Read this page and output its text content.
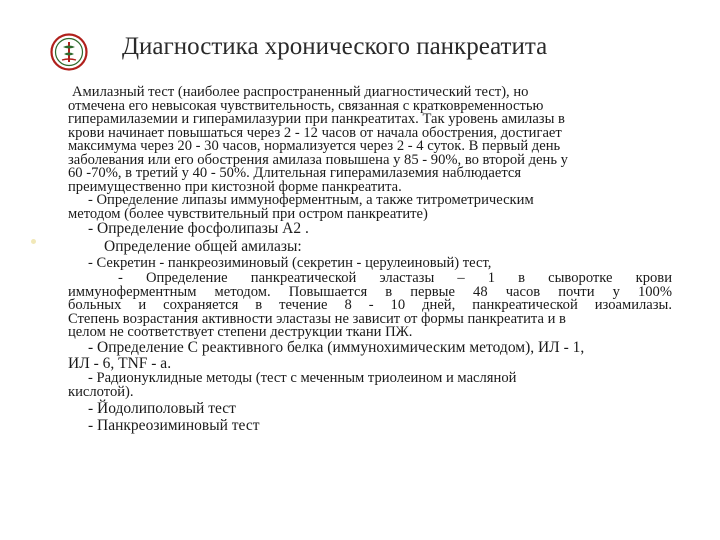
Диагностика хронического панкреатита
Амилазный тест (наиболее распространенный диагностический тест), но
отмечена его невысокая чувствительность, связанная с кратковременностью
гиперамилаземии и гиперамилазурии при панкреатитах. Так уровень амилазы в
крови начинает повышаться через 2 - 12 часов от начала обострения, достигает
максимума через 20 - 30 часов, нормализуется через 2 - 4 суток. В первый день
заболевания или его обострения амилаза повышена у 85 - 90%, во второй день у
60 -70%, в третий у 40 - 50%. Длительная гиперамилаземия наблюдается
преимущественно при кистозной форме панкреатита.
- Определение липазы иммуноферментным, а также титрометрическим
методом (более чувствительный при остром панкреатите)
- Определение фосфолипазы А2 .
Определение общей амилазы:
- Секретин - панкреозиминовый (секретин - церулеиновый) тест,
- Определение панкреатической эластазы – 1 в сыворотке крови
иммуноферментным методом. Повышается в первые 48 часов почти у 100%
больных и сохраняется в течение 8 - 10 дней, панкреатической изоамилазы.
Степень возрастания активности эластазы не зависит от формы панкреатита и в
целом не соответствует степени деструкции ткани ПЖ.
- Определение С реактивного белка (иммунохимическим методом), ИЛ - 1,
ИЛ - 6, TNF - а.
- Радионуклидные методы (тест с меченным триолеином и масляной
кислотой).
- Йодолиполовый тест
- Панкреозиминовый тест
